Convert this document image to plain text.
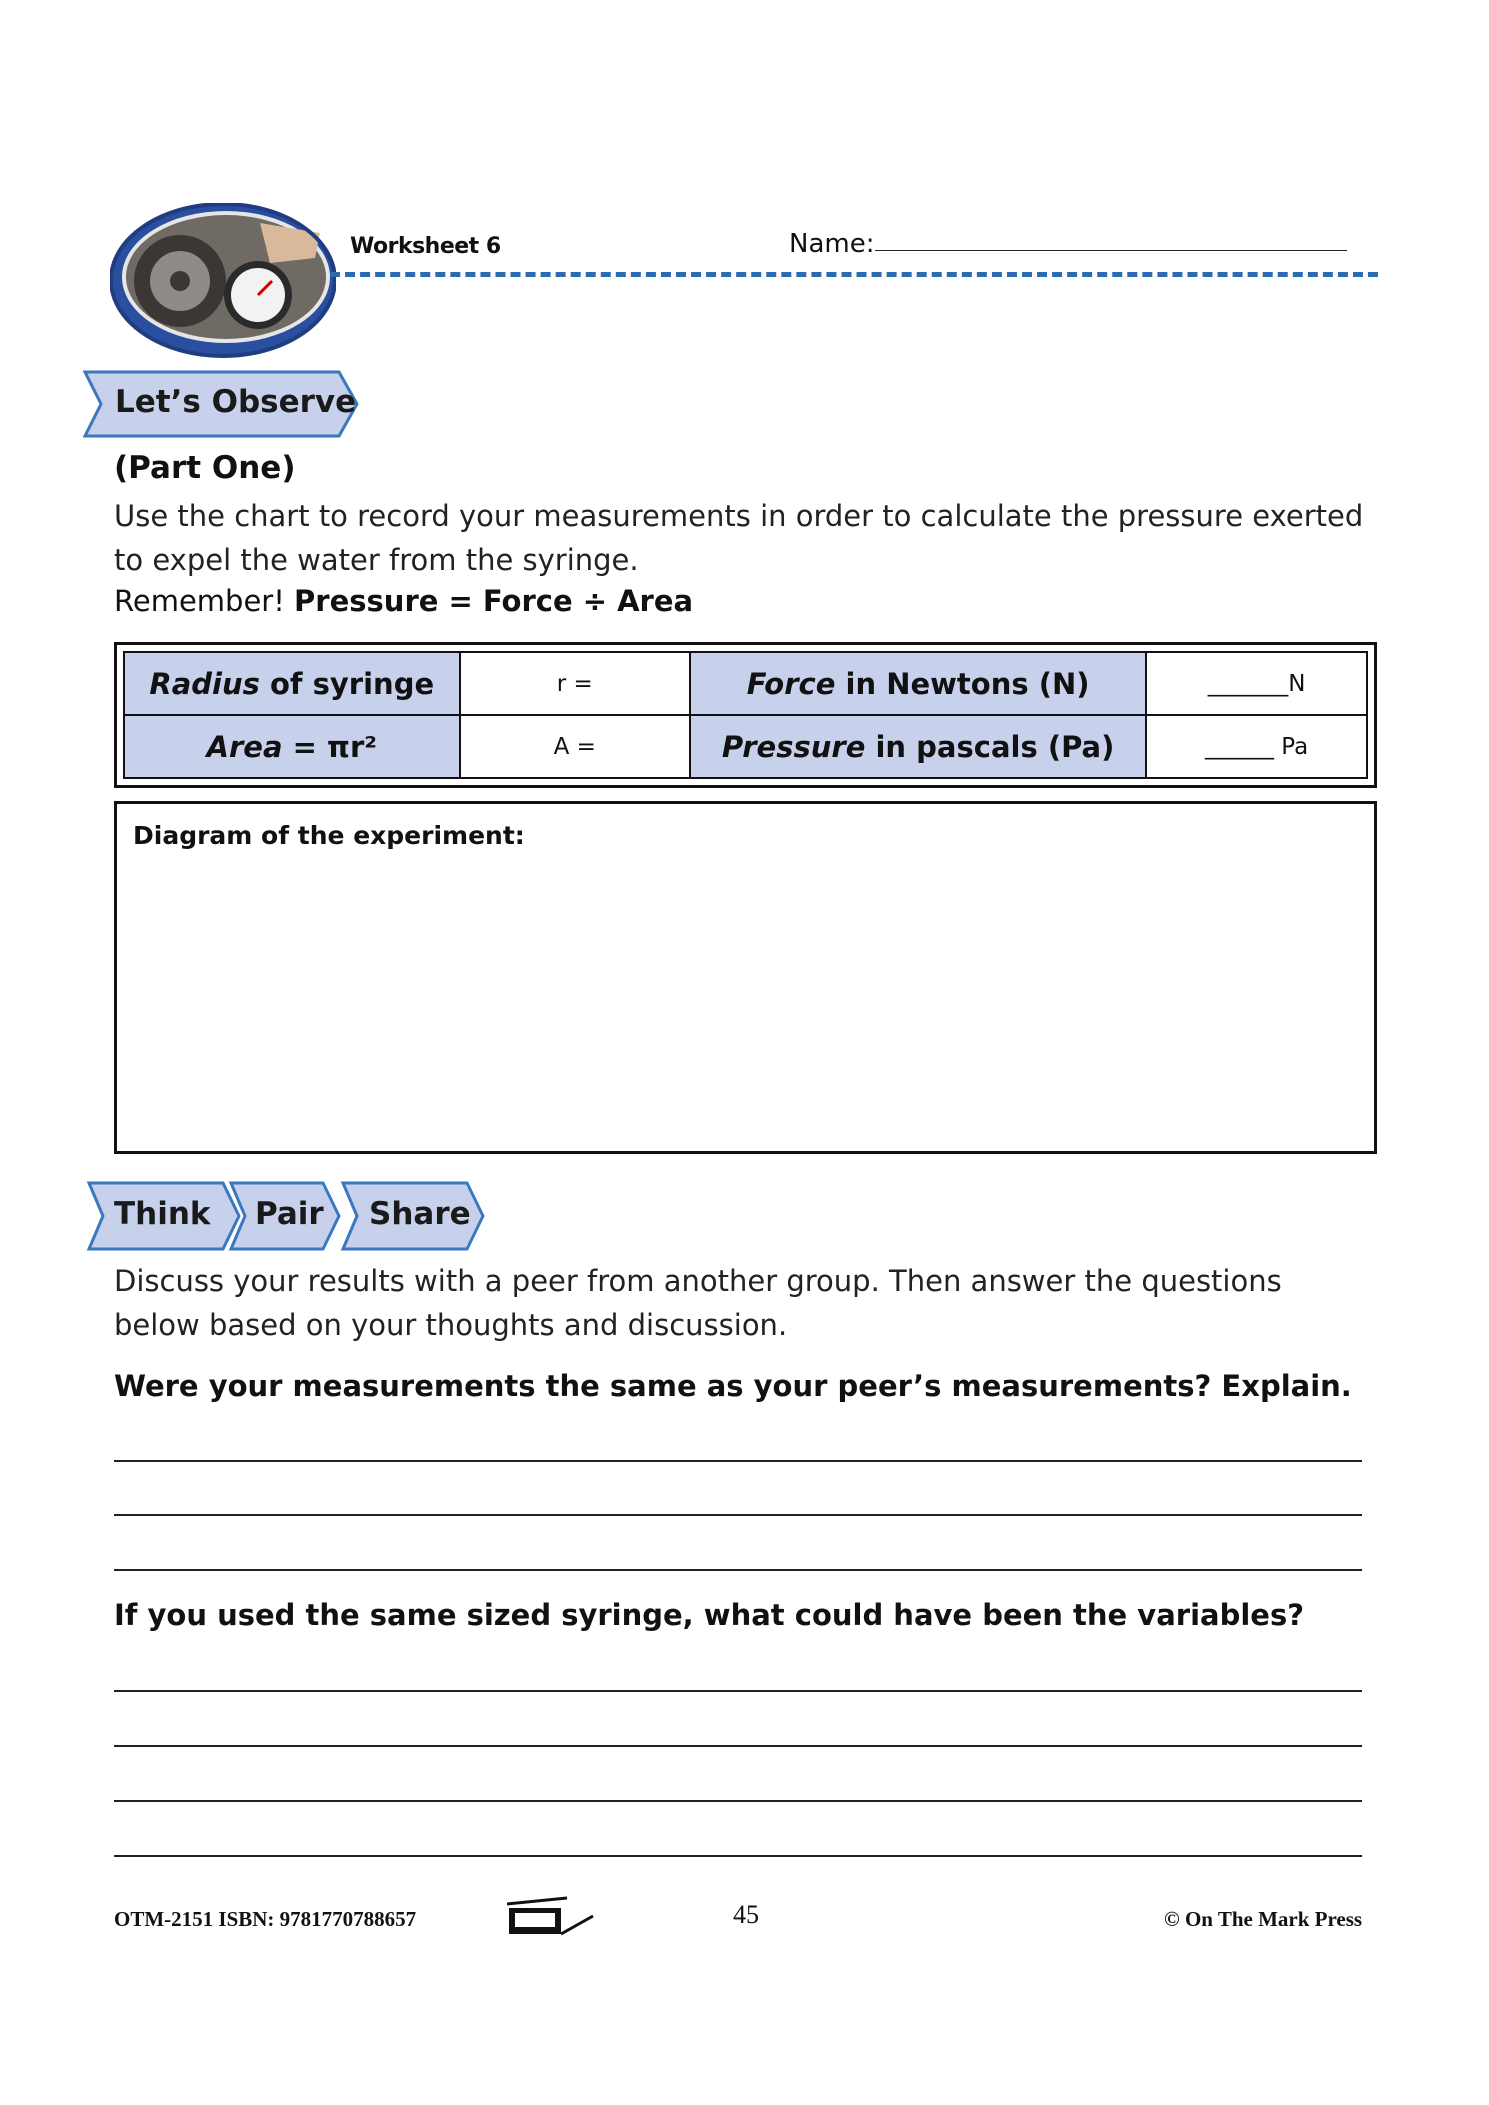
Worksheet 6	Name:
Let’s Observe
(Part One)
Use the chart to record your measurements in order to calculate the pressure exerted to expel the water from the syringe.
Remember! Pressure = Force ÷ Area
Radius of syringe	r =	Force in Newtons (N)	_______N
Area = πr²	A =	Pressure in pascals (Pa)	______ Pa
Diagram of the experiment:
Think Pair Share
Discuss your results with a peer from another group. Then answer the questions below based on your thoughts and discussion.
Were your measurements the same as your peer’s measurements? Explain.
If you used the same sized syringe, what could have been the variables?
OTM-2151 ISBN: 9781770788657	45	© On The Mark Press
